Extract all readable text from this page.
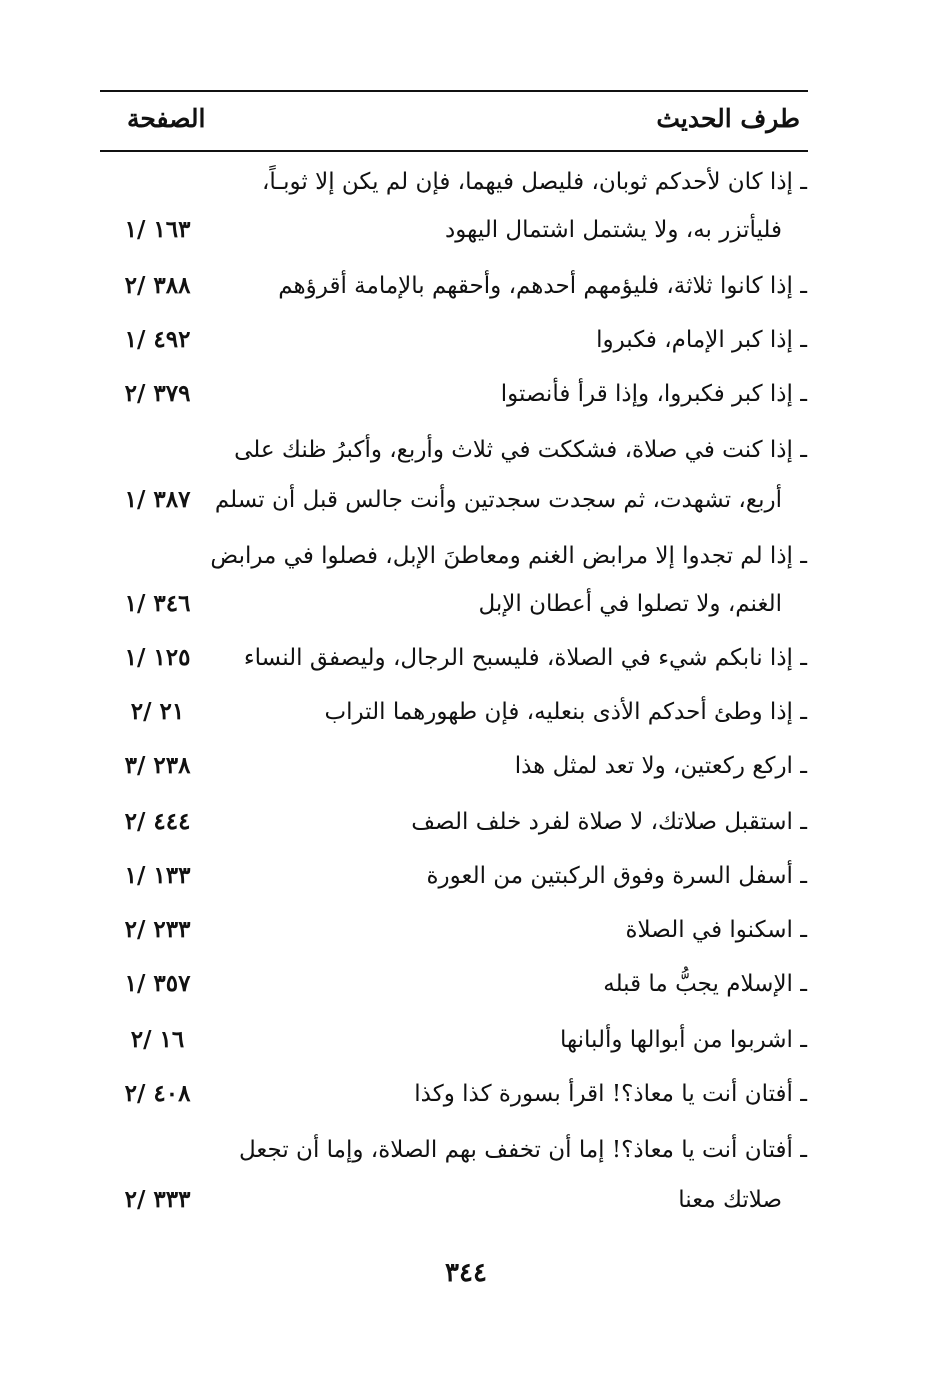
طرف الحديث
الصفحة
ـ إذا كان لأحدكم ثوبان، فليصل فيهما، فإن لم يكن إلا ثوبـاً،
فليأتزر به، ولا يشتمل اشتمال اليهود
١٦٣ /١
ـ إذا كانوا ثلاثة، فليؤمهم أحدهم، وأحقهم بالإمامة أقرؤهم
٣٨٨ /٢
ـ إذا كبر الإمام، فكبروا
٤٩٢ /١
ـ إذا كبر فكبروا، وإذا قرأ فأنصتوا
٣٧٩ /٢
ـ إذا كنت في صلاة، فشككت في ثلاث وأربع، وأكبرُ ظنك على
أربع، تشهدت، ثم سجدت سجدتين وأنت جالس قبل أن تسلم
٣٨٧ /١
ـ إذا لم تجدوا إلا مرابض الغنم ومعاطنَ الإبل، فصلوا في مرابض
الغنم، ولا تصلوا في أعطان الإبل
٣٤٦ /١
ـ إذا نابكم شيء في الصلاة، فليسبح الرجال، وليصفق النساء
١٢٥ /١
ـ إذا وطئ أحدكم الأذى بنعليه، فإن طهورهما التراب
٢١ /٢
ـ اركع ركعتين، ولا تعد لمثل هذا
٢٣٨ /٣
ـ استقبل صلاتك، لا صلاة لفرد خلف الصف
٤٤٤ /٢
ـ أسفل السرة وفوق الركبتين من العورة
١٣٣ /١
ـ اسكنوا في الصلاة
٢٣٣ /٢
ـ الإسلام يجبُّ ما قبله
٣٥٧ /١
ـ اشربوا من أبوالها وألبانها
١٦ /٢
ـ أفتان أنت يا معاذ؟! اقرأ بسورة كذا وكذا
٤٠٨ /٢
ـ أفتان أنت يا معاذ؟! إما أن تخفف بهم الصلاة، وإما أن تجعل
صلاتك معنا
٣٣٣ /٢
٣٤٤
